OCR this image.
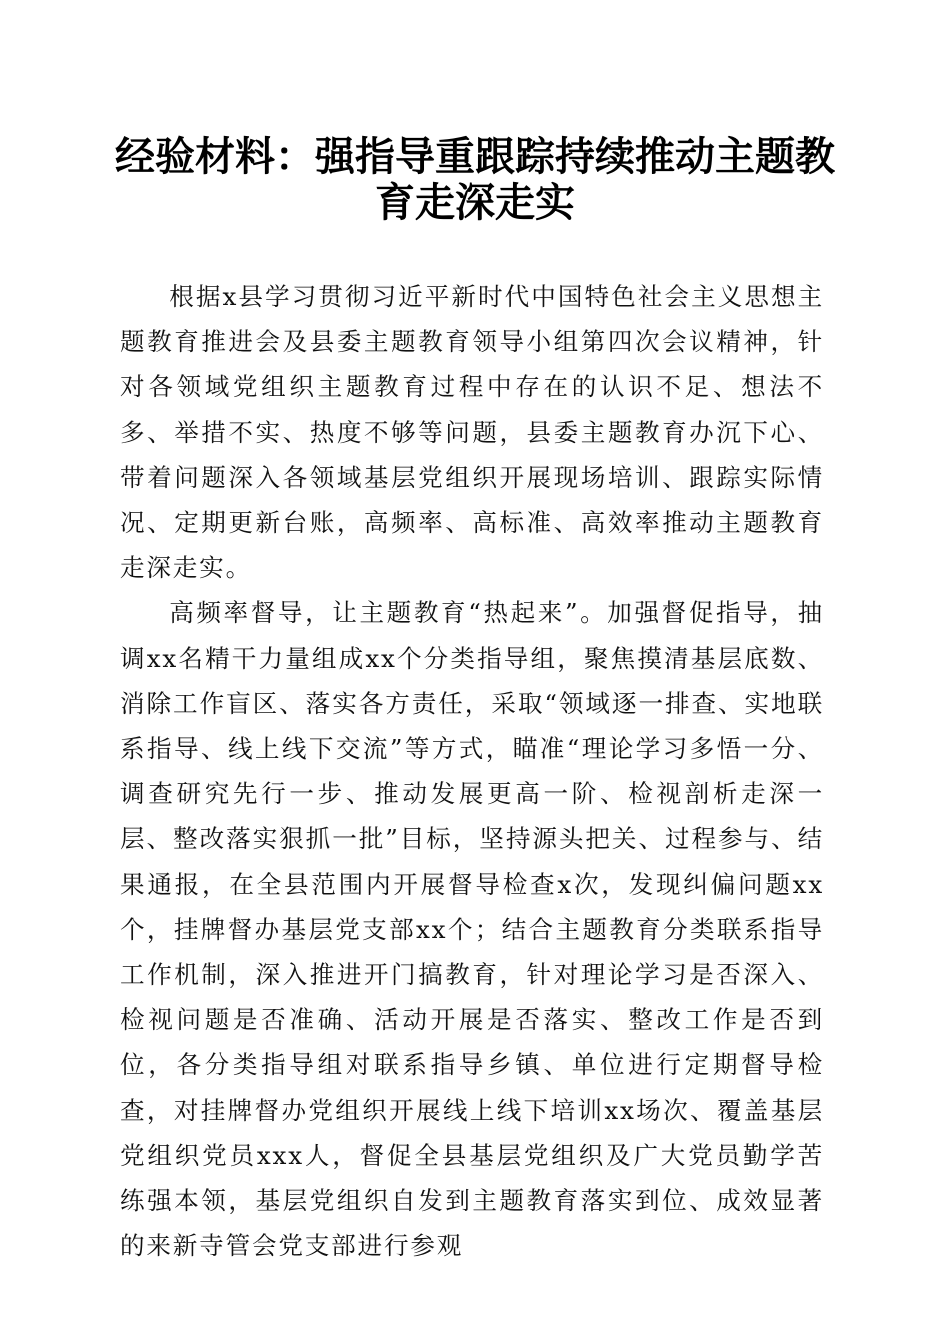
经验材料：强指导重跟踪持续推动主题教育走深走实

根据x县学习贯彻习近平新时代中国特色社会主义思想主题教育推进会及县委主题教育领导小组第四次会议精神，针对各领域党组织主题教育过程中存在的认识不足、想法不多、举措不实、热度不够等问题，县委主题教育办沉下心、带着问题深入各领域基层党组织开展现场培训、跟踪实际情况、定期更新台账，高频率、高标准、高效率推动主题教育走深走实。

高频率督导，让主题教育“热起来”。加强督促指导，抽调xx名精干力量组成xx个分类指导组，聚焦摸清基层底数、消除工作盲区、落实各方责任，采取“领域逐一排查、实地联系指导、线上线下交流”等方式，瞄准“理论学习多悟一分、调查研究先行一步、推动发展更高一阶、检视剖析走深一层、整改落实狠抓一批”目标，坚持源头把关、过程参与、结果通报，在全县范围内开展督导检查x次，发现纠偏问题xx个，挂牌督办基层党支部xx个；结合主题教育分类联系指导工作机制，深入推进开门搞教育，针对理论学习是否深入、检视问题是否准确、活动开展是否落实、整改工作是否到位，各分类指导组对联系指导乡镇、单位进行定期督导检查，对挂牌督办党组织开展线上线下培训xx场次、覆盖基层党组织党员xxx人，督促全县基层党组织及广大党员勤学苦练强本领，基层党组织自发到主题教育落实到位、成效显著的来新寺管会党支部进行参观
